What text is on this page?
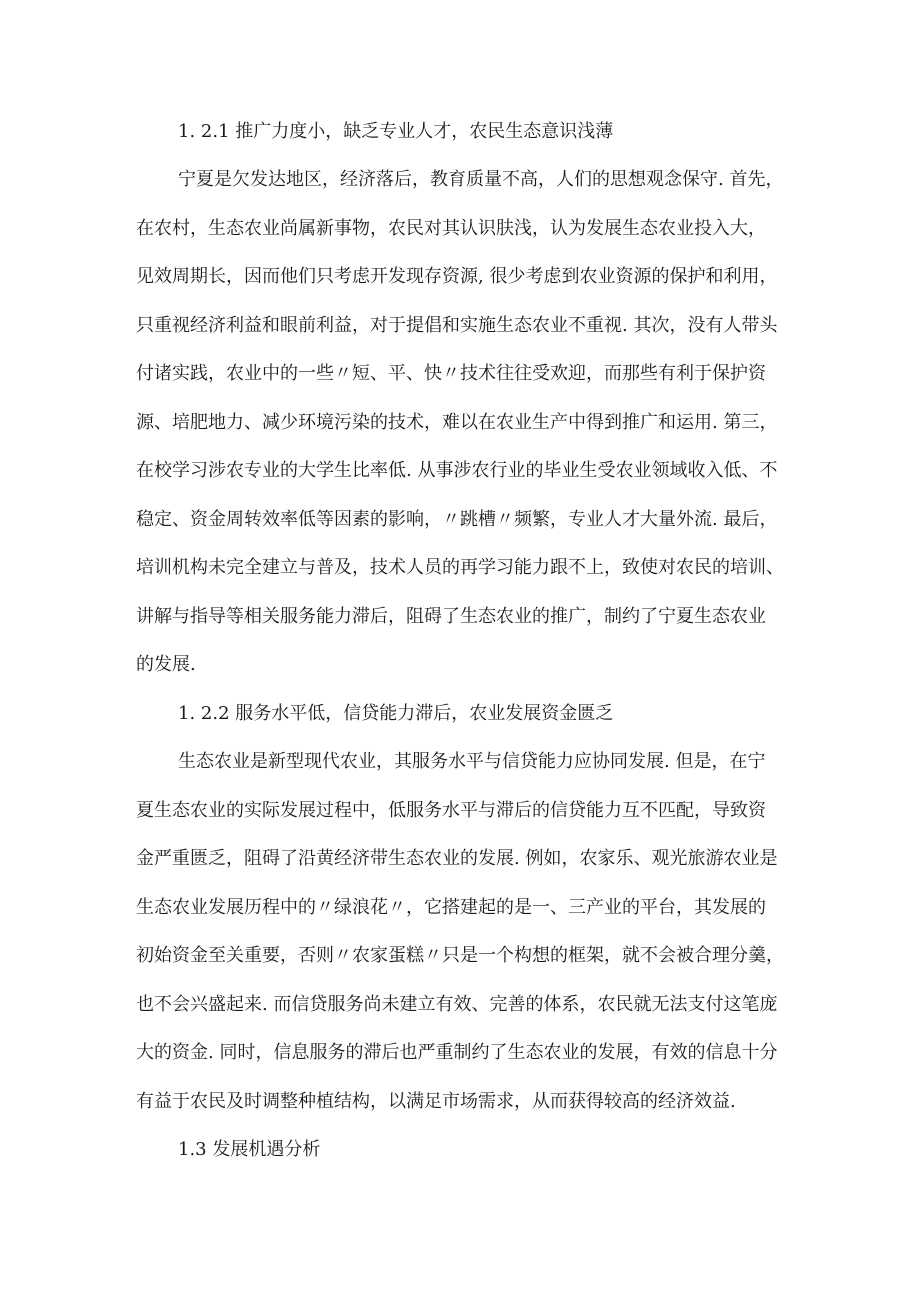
1. 2.1 推广力度小，缺乏专业人才，农民生态意识浅薄
宁夏是欠发达地区，经济落后，教育质量不高，人们的思想观念保守. 首先，
在农村，生态农业尚属新事物，农民对其认识肤浅，认为发展生态农业投入大，
见效周期长，因而他们只考虑开发现存资源, 很少考虑到农业资源的保护和利用，
只重视经济利益和眼前利益，对于提倡和实施生态农业不重视. 其次，没有人带头
付诸实践，农业中的一些〃短、平、快〃技术往往受欢迎，而那些有利于保护资
源、培肥地力、减少环境污染的技术，难以在农业生产中得到推广和运用. 第三，
在校学习涉农专业的大学生比率低. 从事涉农行业的毕业生受农业领域收入低、不
稳定、资金周转效率低等因素的影响，〃跳槽〃频繁，专业人才大量外流. 最后，
培训机构未完全建立与普及，技术人员的再学习能力跟不上，致使对农民的培训、
讲解与指导等相关服务能力滞后，阻碍了生态农业的推广，制约了宁夏生态农业
的发展.
1. 2.2 服务水平低，信贷能力滞后，农业发展资金匮乏
生态农业是新型现代农业，其服务水平与信贷能力应协同发展. 但是，在宁
夏生态农业的实际发展过程中，低服务水平与滞后的信贷能力互不匹配，导致资
金严重匮乏，阻碍了沿黄经济带生态农业的发展. 例如，农家乐、观光旅游农业是
生态农业发展历程中的〃绿浪花〃，它搭建起的是一、三产业的平台，其发展的
初始资金至关重要，否则〃农家蛋糕〃只是一个构想的框架，就不会被合理分羹，
也不会兴盛起来. 而信贷服务尚未建立有效、完善的体系，农民就无法支付这笔庞
大的资金. 同时，信息服务的滞后也严重制约了生态农业的发展，有效的信息十分
有益于农民及时调整种植结构，以满足市场需求，从而获得较高的经济效益.
1.3 发展机遇分析
